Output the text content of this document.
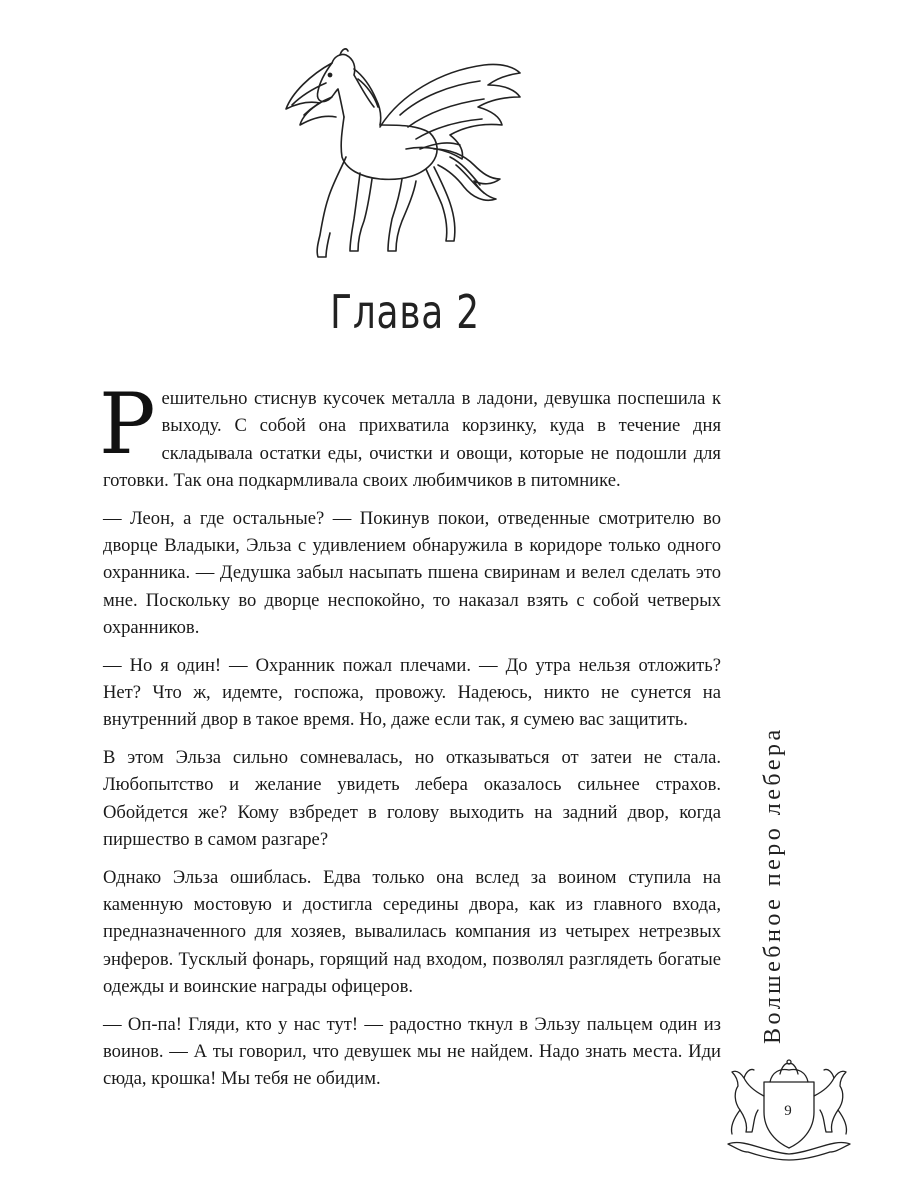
Глава 2

Решительно стиснув кусочек металла в ладони, девушка поспешила к выходу. С собой она прихватила корзинку, куда в течение дня складывала остатки еды, очистки и овощи, которые не подошли для готовки. Так она подкармливала своих любимчиков в питомнике.

— Леон, а где остальные? — Покинув покои, отведенные смотрителю во дворце Владыки, Эльза с удивлением обнаружила в коридоре только одного охранника. — Дедушка забыл насыпать пшена свиринам и велел сделать это мне. Поскольку во дворце неспокойно, то наказал взять с собой четверых охранников.

— Но я один! — Охранник пожал плечами. — До утра нельзя отложить? Нет? Что ж, идемте, госпожа, провожу. Надеюсь, никто не сунется на внутренний двор в такое время. Но, даже если так, я сумею вас защитить.

В этом Эльза сильно сомневалась, но отказываться от затеи не стала. Любопытство и желание увидеть лебера оказалось сильнее страхов. Обойдется же? Кому взбредет в голову выходить на задний двор, когда пиршество в самом разгаре?

Однако Эльза ошиблась. Едва только она вслед за воином ступила на каменную мостовую и достигла середины двора, как из главного входа, предназначенного для хозяев, вывалилась компания из четырех нетрезвых энферов. Тусклый фонарь, горящий над входом, позволял разглядеть богатые одежды и воинские награды офицеров.

— Оп-па! Гляди, кто у нас тут! — радостно ткнул в Эльзу пальцем один из воинов. — А ты говорил, что девушек мы не найдем. Надо знать места. Иди сюда, крошка! Мы тебя не обидим.

Волшебное перо лебера
9
